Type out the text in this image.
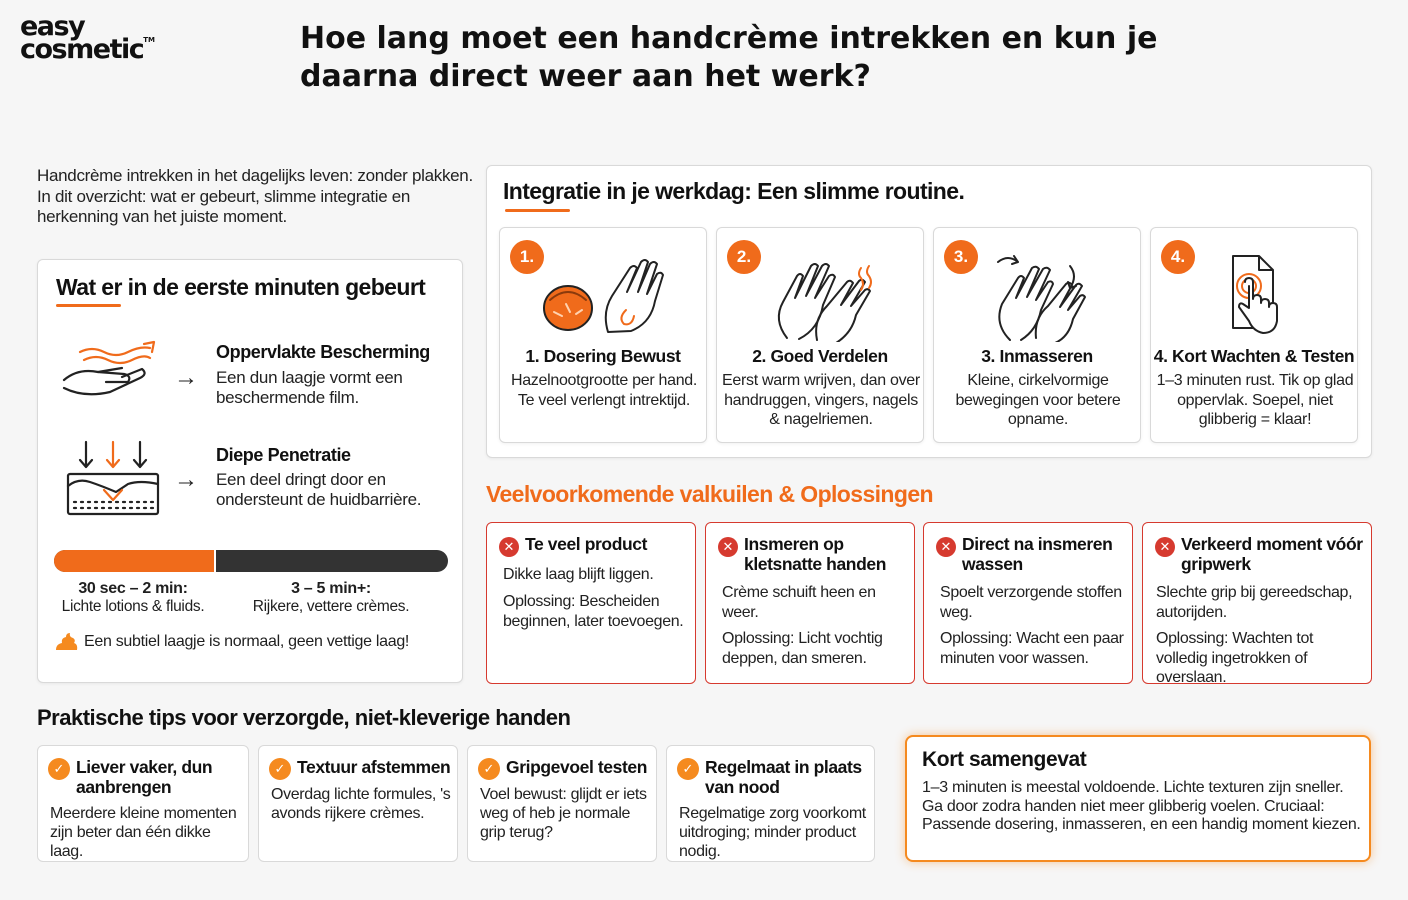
easy
cosmetic™	Hoe lang moet een handcrème intrekken en kun je daarna direct weer aan het werk?
Handcrème intrekken in het dagelijks leven: zonder plakken. In dit overzicht: wat er gebeurt, slimme integratie en herkenning van het juiste moment.
Wat er in de eerste minuten gebeurt
→
Oppervlakte Bescherming
Een dun laagje vormt een beschermende film.
→
Diepe Penetratie
Een deel dringt door en ondersteunt de huidbarrière.
30 sec – 2 min:
Lichte lotions & fluids.
3 – 5 min+:
Rijkere, vettere crèmes.
Een subtiel laagje is normaal, geen vettige laag!
Integratie in je werkdag: Een slimme routine.
1.
1. Dosering Bewust
Hazelnootgrootte per hand. Te veel verlengt intrektijd.
2.
2. Goed Verdelen
Eerst warm wrijven, dan over handruggen, vingers, nagels & nagelriemen.
3.
3. Inmasseren
Kleine, cirkelvormige bewegingen voor betere opname.
4.
4. Kort Wachten & Testen
1–3 minuten rust. Tik op glad oppervlak. Soepel, niet glibberig = klaar!
Veelvoorkomende valkuilen & Oplossingen
✕ Te veel product
Dikke laag blijft liggen.
Oplossing: Bescheiden beginnen, later toevoegen.
✕ Insmeren op kletsnatte handen
Crème schuift heen en weer.
Oplossing: Licht vochtig deppen, dan smeren.
✕ Direct na insmeren wassen
Spoelt verzorgende stoffen weg.
Oplossing: Wacht een paar minuten voor wassen.
✕ Verkeerd moment vóór gripwerk
Slechte grip bij gereedschap, autorijden.
Oplossing: Wachten tot volledig ingetrokken of overslaan.
Praktische tips voor verzorgde, niet-kleverige handen
✓ Liever vaker, dun aanbrengen
Meerdere kleine momenten zijn beter dan één dikke laag.
✓ Textuur afstemmen
Overdag lichte formules, 's avonds rijkere crèmes.
✓ Gripgevoel testen
Voel bewust: glijdt er iets weg of heb je normale grip terug?
✓ Regelmaat in plaats van nood
Regelmatige zorg voorkomt uitdroging; minder product nodig.
Kort samengevat
1–3 minuten is meestal voldoende. Lichte texturen zijn sneller. Ga door zodra handen niet meer glibberig voelen. Cruciaal: Passende dosering, inmasseren, en een handig moment kiezen.
